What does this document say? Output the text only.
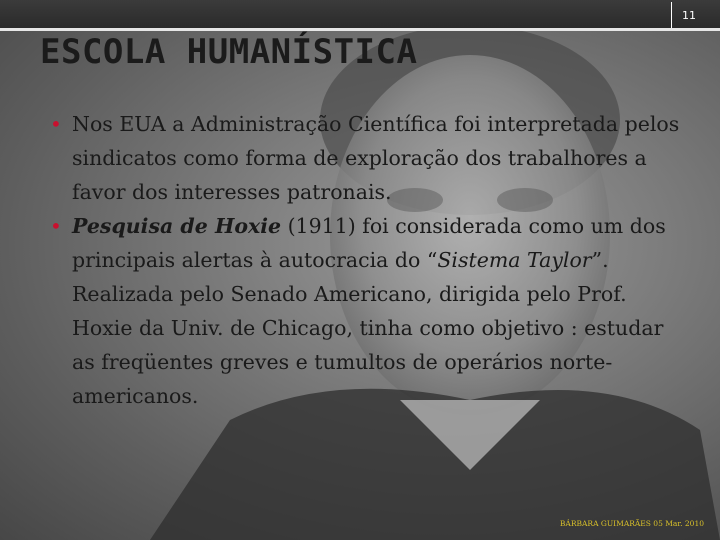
11
ESCOLA HUMANÍSTICA
• Nos EUA a Administração Científica foi interpretada pelos sindicatos como forma de exploração dos trabalhores a favor dos interesses patronais.
• Pesquisa de Hoxie (1911) foi considerada como um dos principais alertas à autocracia do “Sistema Taylor”. Realizada pelo Senado Americano, dirigida pelo Prof. Hoxie da Univ. de Chicago, tinha como objetivo : estudar as freqüentes greves e tumultos de operários norte-americanos.
BÁRBARA GUIMARÃES 05 Mar. 2010
